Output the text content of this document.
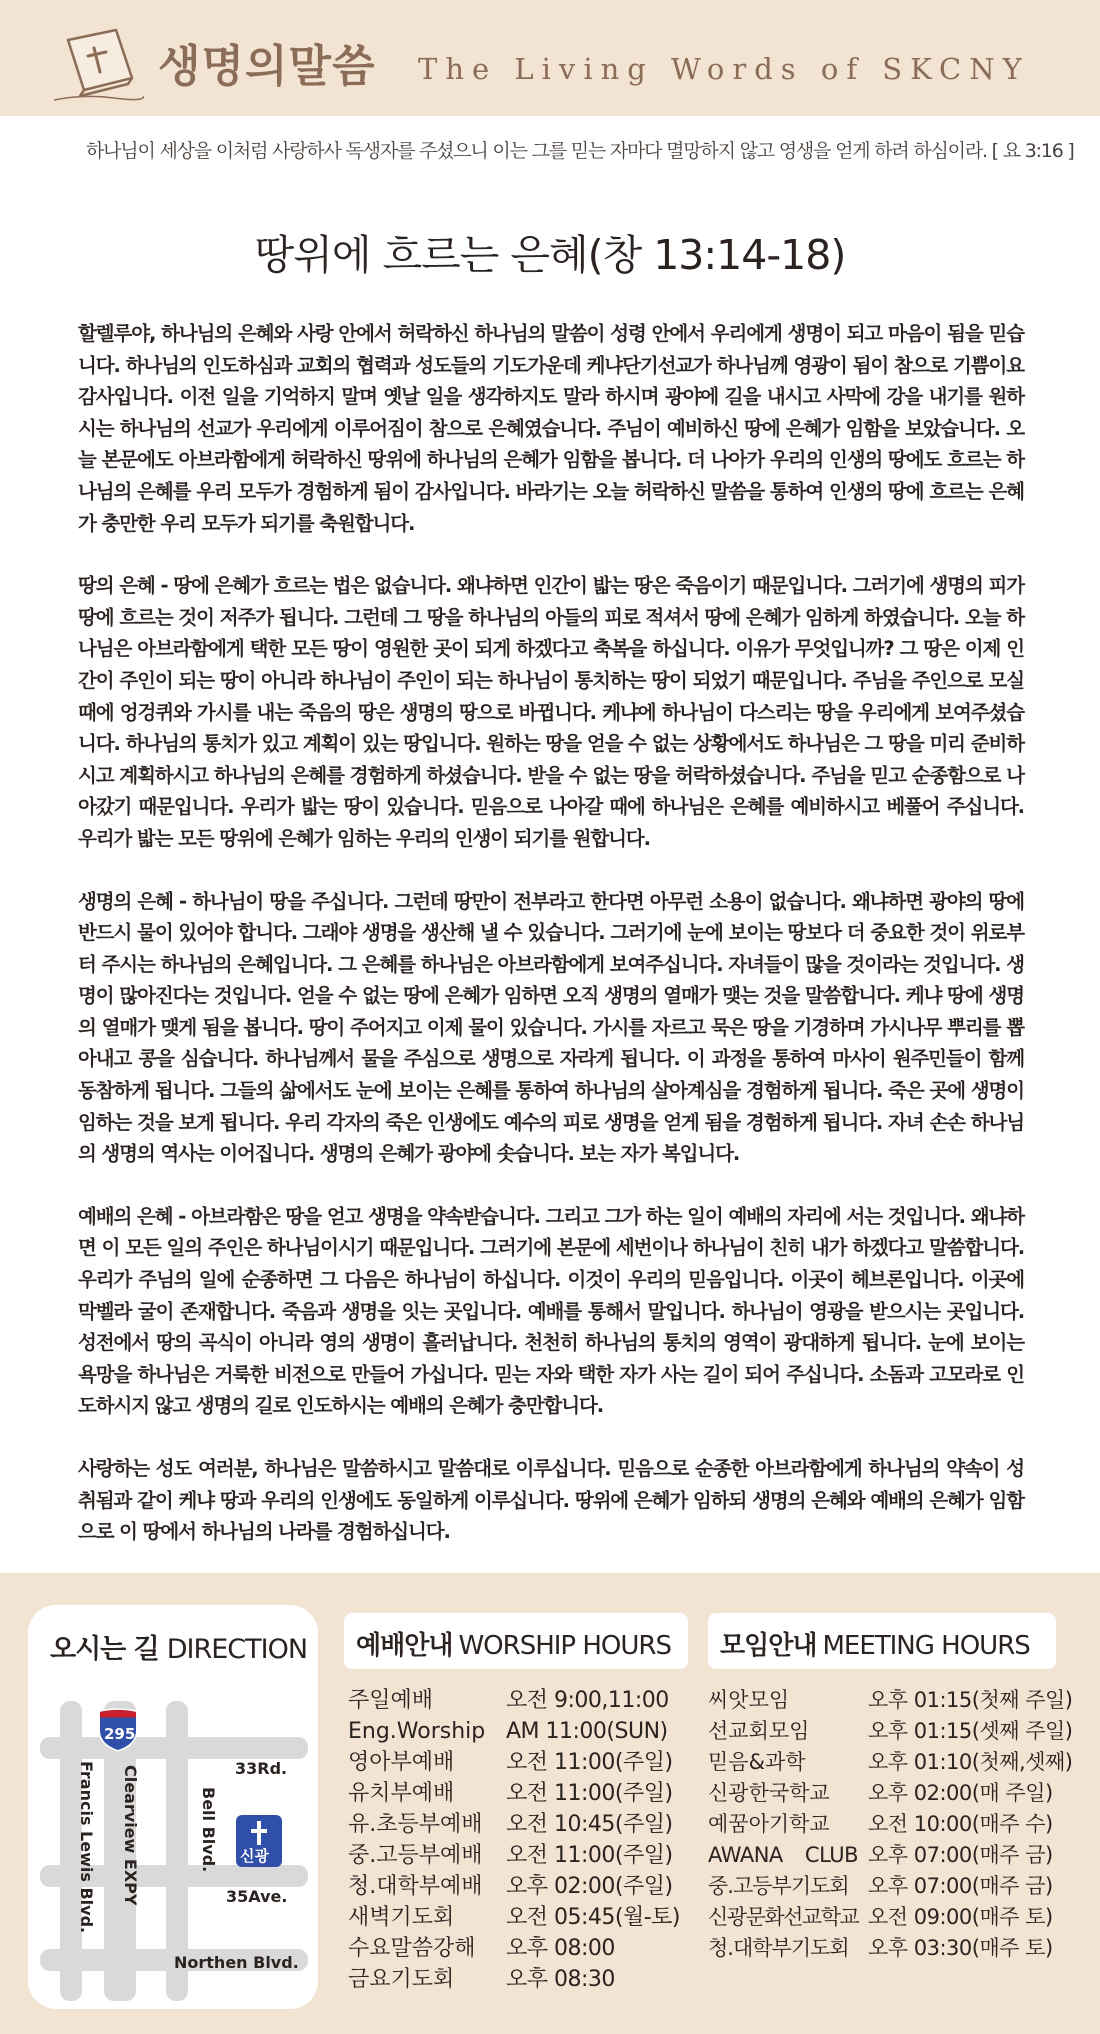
생명의말씀 The Living Words of SKCNY
하나님이 세상을 이처럼 사랑하사 독생자를 주셨으니 이는 그를 믿는 자마다 멸망하지 않고 영생을 얻게 하려 하심이라. [ 요 3:16 ]
땅위에 흐르는 은혜(창 13:14-18)

할렐루야, 하나님의 은혜와 사랑 안에서 허락하신 하나님의 말씀이 성령 안에서 우리에게 생명이 되고 마음이 됨을 믿습니다. 하나님의 인도하심과 교회의 협력과 성도들의 기도가운데 케냐단기선교가 하나님께 영광이 됨이 참으로 기쁨이요 감사입니다. 이전 일을 기억하지 말며 옛날 일을 생각하지도 말라 하시며 광야에 길을 내시고 사막에 강을 내기를 원하시는 하나님의 선교가 우리에게 이루어짐이 참으로 은혜였습니다. 주님이 예비하신 땅에 은혜가 임함을 보았습니다. 오늘 본문에도 아브라함에게 허락하신 땅위에 하나님의 은혜가 임함을 봅니다. 더 나아가 우리의 인생의 땅에도 흐르는 하나님의 은혜를 우리 모두가 경험하게 됨이 감사입니다. 바라기는 오늘 허락하신 말씀을 통하여 인생의 땅에 흐르는 은혜가 충만한 우리 모두가 되기를 축원합니다.

땅의 은혜 - 땅에 은혜가 흐르는 법은 없습니다. 왜냐하면 인간이 밟는 땅은 죽음이기 때문입니다. 그러기에 생명의 피가 땅에 흐르는 것이 저주가 됩니다. 그런데 그 땅을 하나님의 아들의 피로 적셔서 땅에 은혜가 임하게 하였습니다. 오늘 하나님은 아브라함에게 택한 모든 땅이 영원한 곳이 되게 하겠다고 축복을 하십니다. 이유가 무엇입니까? 그 땅은 이제 인간이 주인이 되는 땅이 아니라 하나님이 주인이 되는 하나님이 통치하는 땅이 되었기 때문입니다. 주님을 주인으로 모실 때에 엉겅퀴와 가시를 내는 죽음의 땅은 생명의 땅으로 바뀝니다. 케냐에 하나님이 다스리는 땅을 우리에게 보여주셨습니다. 하나님의 통치가 있고 계획이 있는 땅입니다. 원하는 땅을 얻을 수 없는 상황에서도 하나님은 그 땅을 미리 준비하시고 계획하시고 하나님의 은혜를 경험하게 하셨습니다. 받을 수 없는 땅을 허락하셨습니다. 주님을 믿고 순종함으로 나아갔기 때문입니다. 우리가 밟는 땅이 있습니다. 믿음으로 나아갈 때에 하나님은 은혜를 예비하시고 베풀어 주십니다. 우리가 밟는 모든 땅위에 은혜가 임하는 우리의 인생이 되기를 원합니다.

생명의 은혜 - 하나님이 땅을 주십니다. 그런데 땅만이 전부라고 한다면 아무런 소용이 없습니다. 왜냐하면 광야의 땅에 반드시 물이 있어야 합니다. 그래야 생명을 생산해 낼 수 있습니다. 그러기에 눈에 보이는 땅보다 더 중요한 것이 위로부터 주시는 하나님의 은혜입니다. 그 은혜를 하나님은 아브라함에게 보여주십니다. 자녀들이 많을 것이라는 것입니다. 생명이 많아진다는 것입니다. 얻을 수 없는 땅에 은혜가 임하면 오직 생명의 열매가 맺는 것을 말씀합니다. 케냐 땅에 생명의 열매가 맺게 됨을 봅니다. 땅이 주어지고 이제 물이 있습니다. 가시를 자르고 묵은 땅을 기경하며 가시나무 뿌리를 뽑아내고 콩을 심습니다. 하나님께서 물을 주심으로 생명으로 자라게 됩니다. 이 과정을 통하여 마사이 원주민들이 함께 동참하게 됩니다. 그들의 삶에서도 눈에 보이는 은혜를 통하여 하나님의 살아계심을 경험하게 됩니다. 죽은 곳에 생명이 임하는 것을 보게 됩니다. 우리 각자의 죽은 인생에도 예수의 피로 생명을 얻게 됨을 경험하게 됩니다. 자녀 손손 하나님의 생명의 역사는 이어집니다. 생명의 은혜가 광야에 솟습니다. 보는 자가 복입니다.

예배의 은혜 - 아브라함은 땅을 얻고 생명을 약속받습니다. 그리고 그가 하는 일이 예배의 자리에 서는 것입니다. 왜냐하면 이 모든 일의 주인은 하나님이시기 때문입니다. 그러기에 본문에 세번이나 하나님이 친히 내가 하겠다고 말씀합니다. 우리가 주님의 일에 순종하면 그 다음은 하나님이 하십니다. 이것이 우리의 믿음입니다. 이곳이 헤브론입니다. 이곳에 막벨라 굴이 존재합니다. 죽음과 생명을 잇는 곳입니다. 예배를 통해서 말입니다. 하나님이 영광을 받으시는 곳입니다. 성전에서 땅의 곡식이 아니라 영의 생명이 흘러납니다. 천천히 하나님의 통치의 영역이 광대하게 됩니다. 눈에 보이는 욕망을 하나님은 거룩한 비전으로 만들어 가십니다. 믿는 자와 택한 자가 사는 길이 되어 주십니다. 소돔과 고모라로 인도하시지 않고 생명의 길로 인도하시는 예배의 은혜가 충만합니다.

사랑하는 성도 여러분, 하나님은 말씀하시고 말씀대로 이루십니다. 믿음으로 순종한 아브라함에게 하나님의 약속이 성취됨과 같이 케냐 땅과 우리의 인생에도 동일하게 이루십니다. 땅위에 은혜가 임하되 생명의 은혜와 예배의 은혜가 임함으로 이 땅에서 하나님의 나라를 경험하십니다.

오시는 길 DIRECTION
295
신광
33Rd.
35Ave.
Northen Blvd.
Bell Blvd.
Clearview EXPY
Francis Lewis Blvd.
예배안내 WORSHIP HOURS	모임안내 MEETING HOURS
주일예배	오전 9:00,11:00
Eng.Worship AM 11:00(SUN)
영아부예배	오전 11:00(주일)
유치부예배	오전 11:00(주일)
유.초등부예배	오전 10:45(주일)
중.고등부예배	오전 11:00(주일)
청.대학부예배	오후 02:00(주일)
새벽기도회	오전 05:45(월-토)
수요말씀강해	오후 08:00
금요기도회	오후 08:30
씨앗모임	오후 01:15(첫째 주일)
선교회모임	오후 01:15(셋째 주일)
믿음&과학	오후 01:10(첫째,셋째)
신광한국학교	오후 02:00(매 주일)
예꿈아기학교	오전 10:00(매주 수)
AWANA CLUB 오후 07:00(매주 금)
중.고등부기도회 오후 07:00(매주 금)
신광문화선교학교 오전 09:00(매주 토)
청.대학부기도회 오후 03:30(매주 토)
